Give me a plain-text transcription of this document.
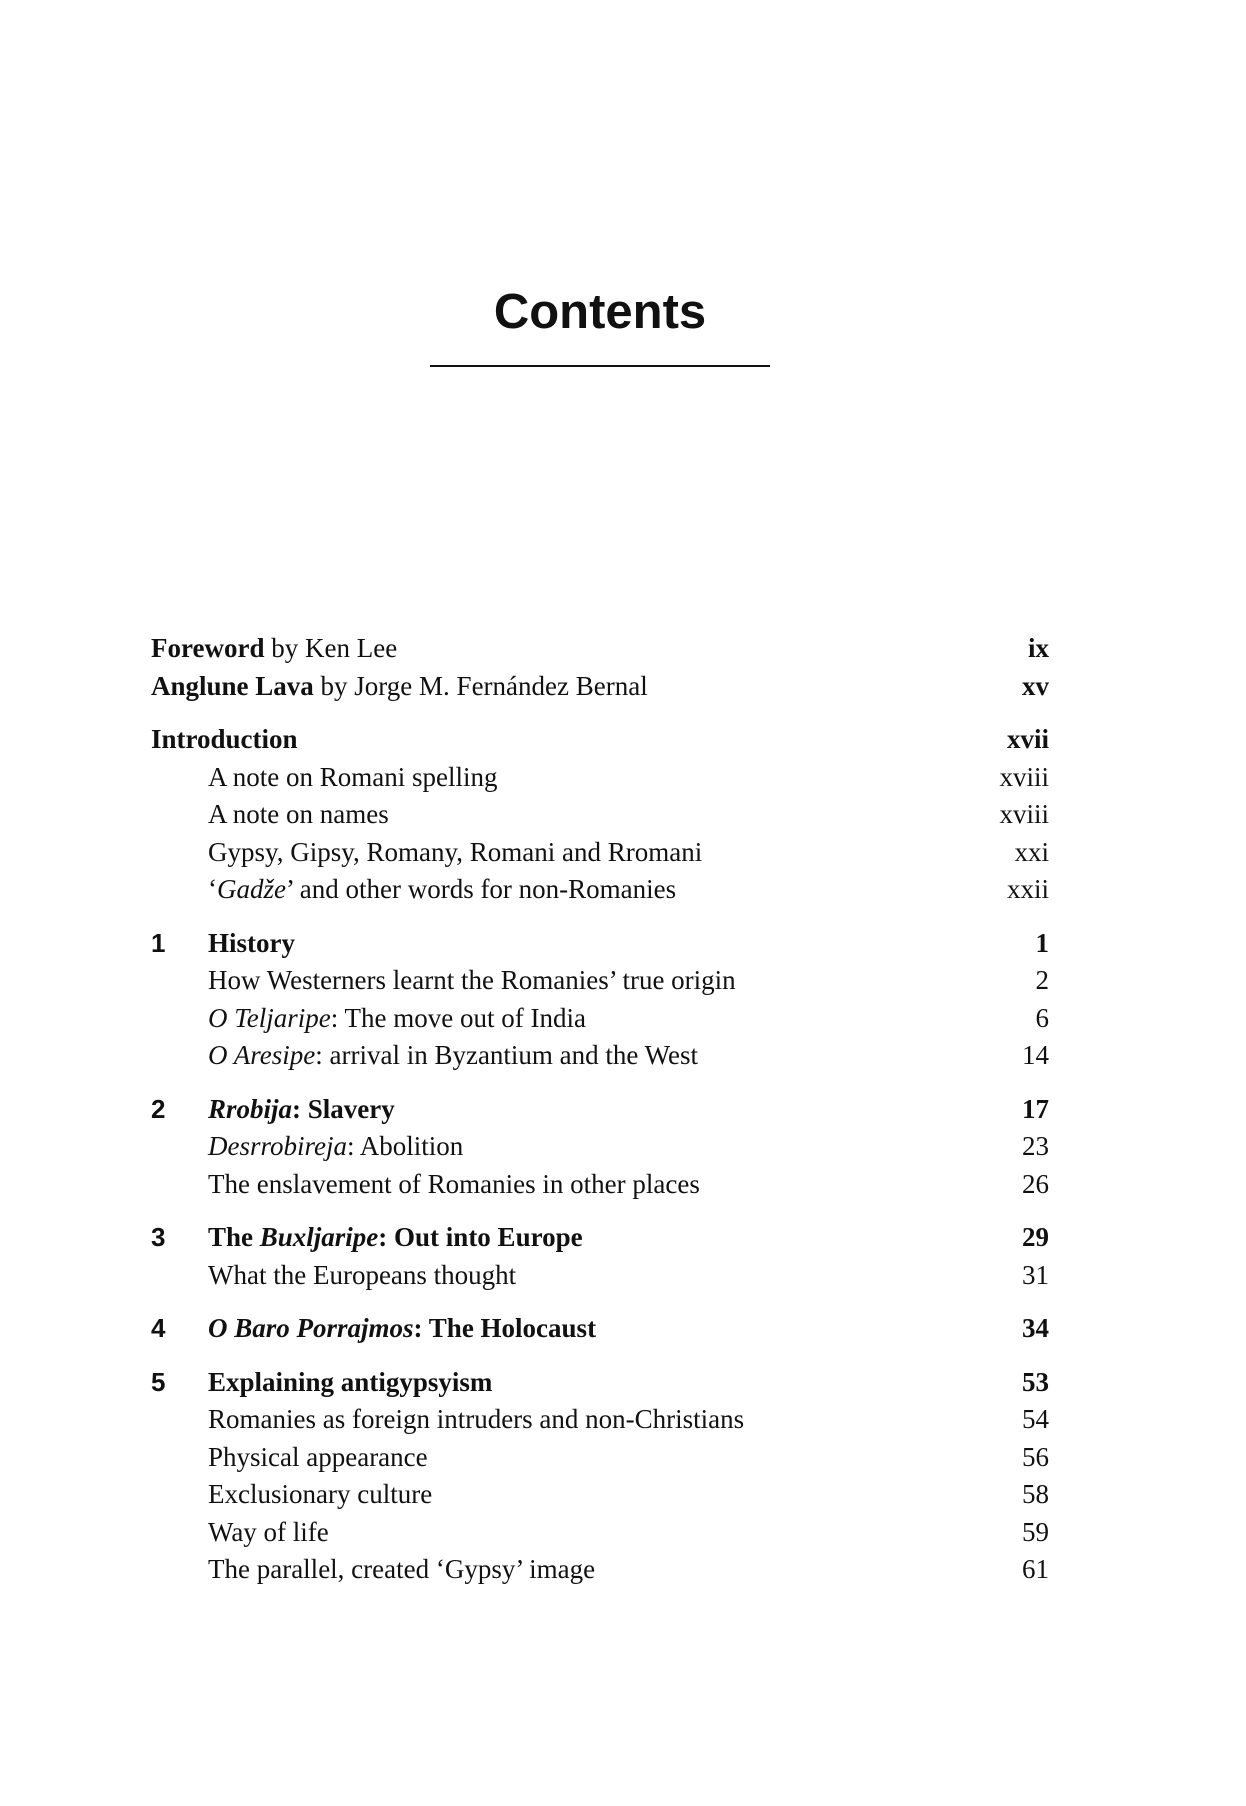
Contents
Foreword by Ken Lee	ix
Anglune Lava by Jorge M. Fernández Bernal	xv
Introduction	xvii
A note on Romani spelling	xviii
A note on names	xviii
Gypsy, Gipsy, Romany, Romani and Rromani	xxi
‘Gadže’ and other words for non-Romanies	xxii
1 History	1
How Westerners learnt the Romanies’ true origin	2
O Teljaripe: The move out of India	6
O Aresipe: arrival in Byzantium and the West	14
2 Rrobija: Slavery	17
Desrrobireja: Abolition	23
The enslavement of Romanies in other places	26
3 The Buxljaripe: Out into Europe	29
What the Europeans thought	31
4 O Baro Porrajmos: The Holocaust	34
5 Explaining antigypsyism	53
Romanies as foreign intruders and non-Christians	54
Physical appearance	56
Exclusionary culture	58
Way of life	59
The parallel, created ‘Gypsy’ image	61
